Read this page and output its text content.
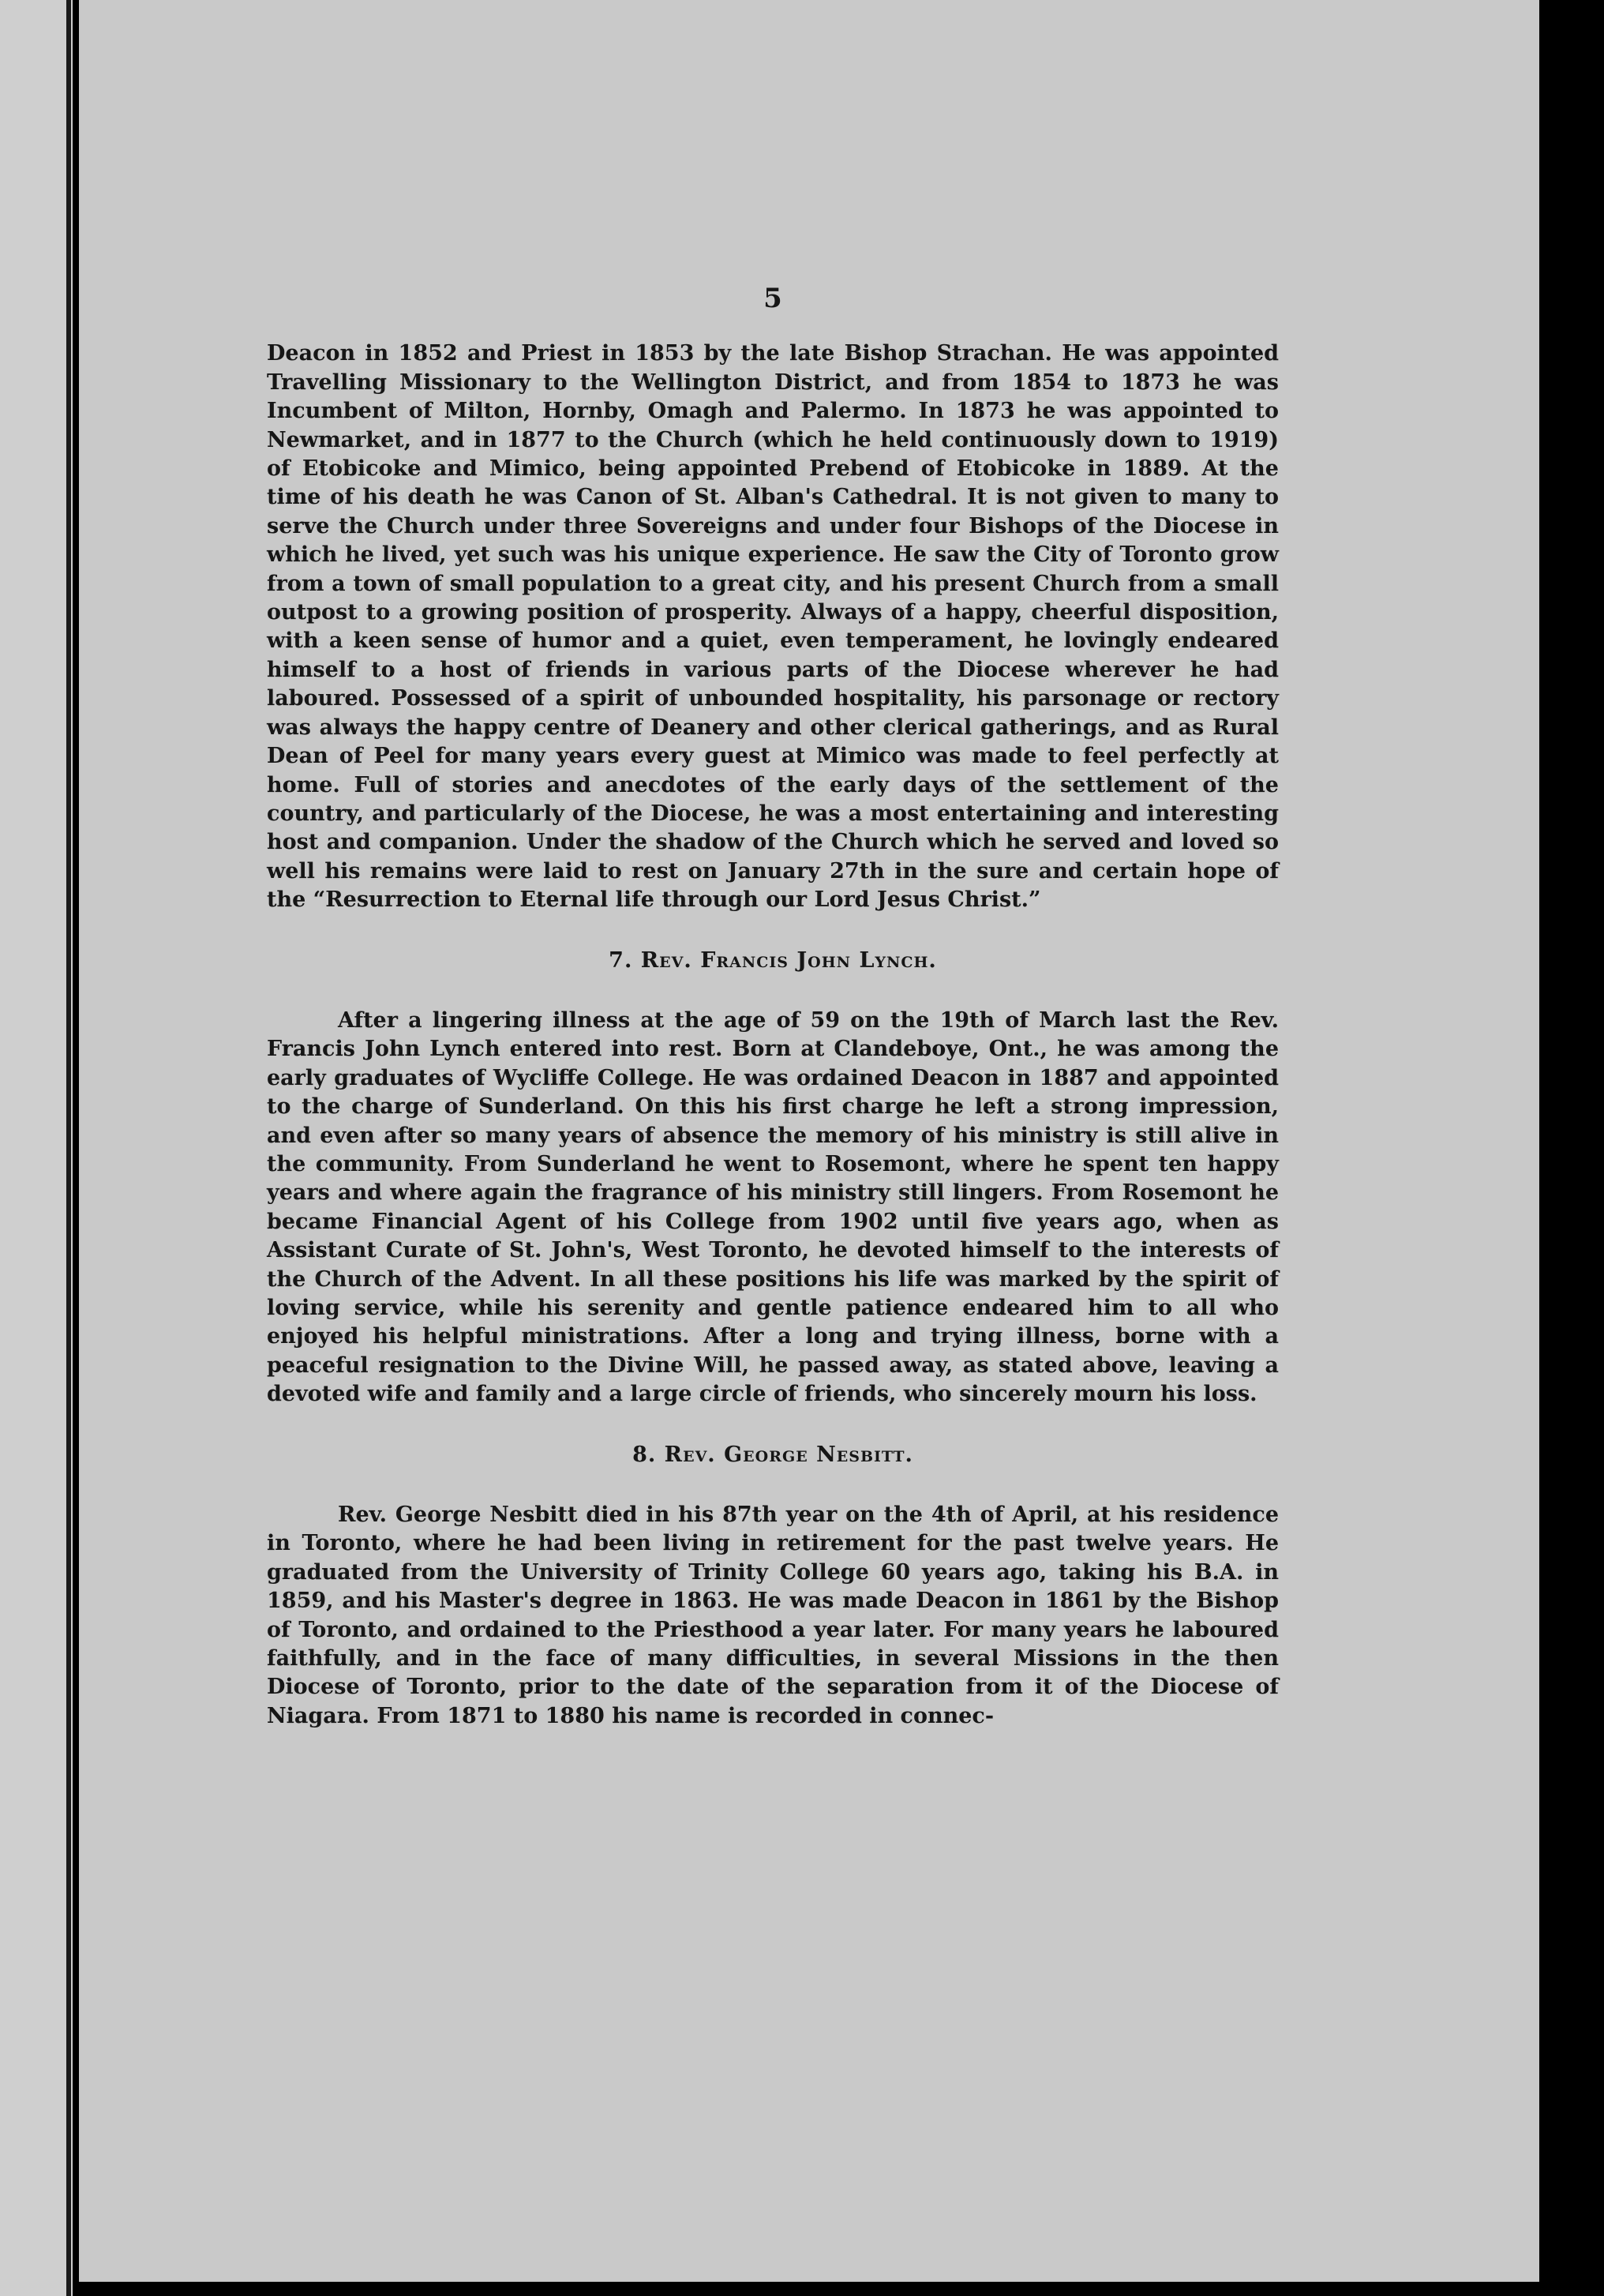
5

Deacon in 1852 and Priest in 1853 by the late Bishop Strachan. He was appointed Travelling Missionary to the Wellington District, and from 1854 to 1873 he was Incumbent of Milton, Hornby, Omagh and Palermo. In 1873 he was appointed to Newmarket, and in 1877 to the Church (which he held continuously down to 1919) of Etobicoke and Mimico, being appointed Prebend of Etobicoke in 1889. At the time of his death he was Canon of St. Alban's Cathedral. It is not given to many to serve the Church under three Sovereigns and under four Bishops of the Diocese in which he lived, yet such was his unique experience. He saw the City of Toronto grow from a town of small population to a great city, and his present Church from a small outpost to a growing position of prosperity. Always of a happy, cheerful disposition, with a keen sense of humor and a quiet, even temperament, he lovingly endeared himself to a host of friends in various parts of the Diocese wherever he had laboured. Possessed of a spirit of unbounded hospitality, his parsonage or rectory was always the happy centre of Deanery and other clerical gatherings, and as Rural Dean of Peel for many years every guest at Mimico was made to feel perfectly at home. Full of stories and anecdotes of the early days of the settlement of the country, and particularly of the Diocese, he was a most entertaining and interesting host and companion. Under the shadow of the Church which he served and loved so well his remains were laid to rest on January 27th in the sure and certain hope of the “Resurrection to Eternal life through our Lord Jesus Christ.”

7. Rev. Francis John Lynch.

After a lingering illness at the age of 59 on the 19th of March last the Rev. Francis John Lynch entered into rest. Born at Clandeboye, Ont., he was among the early graduates of Wycliffe College. He was ordained Deacon in 1887 and appointed to the charge of Sunderland. On this his first charge he left a strong impression, and even after so many years of absence the memory of his ministry is still alive in the community. From Sunderland he went to Rosemont, where he spent ten happy years and where again the fragrance of his ministry still lingers. From Rosemont he became Financial Agent of his College from 1902 until five years ago, when as Assistant Curate of St. John's, West Toronto, he devoted himself to the interests of the Church of the Advent. In all these positions his life was marked by the spirit of loving service, while his serenity and gentle patience endeared him to all who enjoyed his helpful ministrations. After a long and trying illness, borne with a peaceful resignation to the Divine Will, he passed away, as stated above, leaving a devoted wife and family and a large circle of friends, who sincerely mourn his loss.

8. Rev. George Nesbitt.

Rev. George Nesbitt died in his 87th year on the 4th of April, at his residence in Toronto, where he had been living in retirement for the past twelve years. He graduated from the University of Trinity College 60 years ago, taking his B.A. in 1859, and his Master's degree in 1863. He was made Deacon in 1861 by the Bishop of Toronto, and ordained to the Priesthood a year later. For many years he laboured faithfully, and in the face of many difficulties, in several Missions in the then Diocese of Toronto, prior to the date of the separation from it of the Diocese of Niagara. From 1871 to 1880 his name is recorded in connec-
